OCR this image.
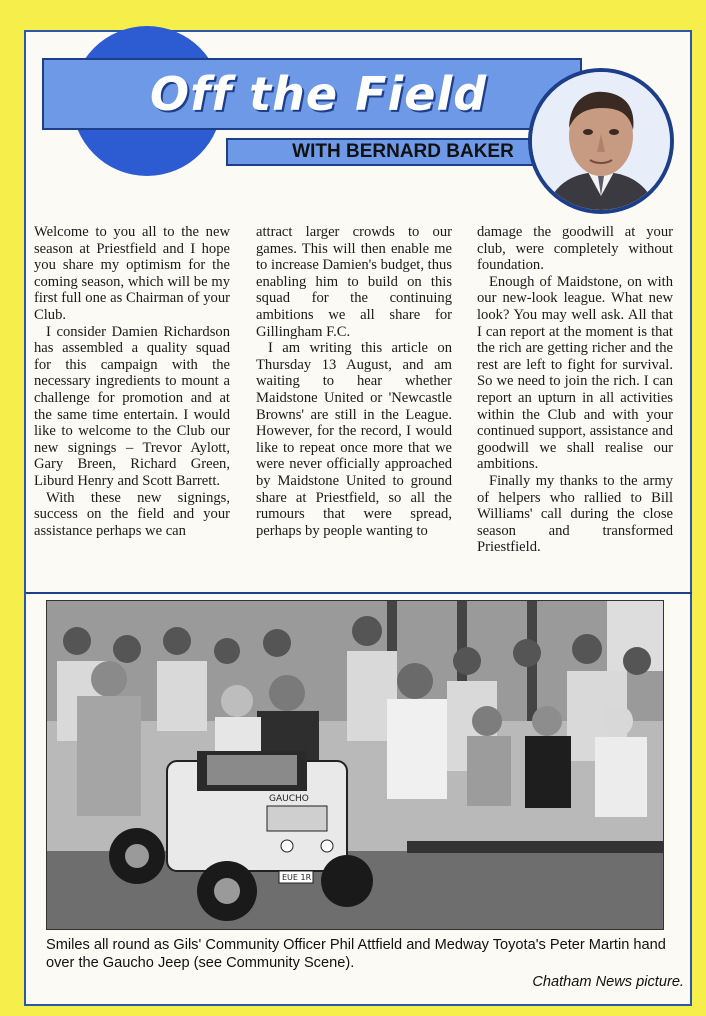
Off the Field
WITH BERNARD BAKER

Welcome to you all to the new season at Priestfield and I hope you share my optimism for the coming season, which will be my first full one as Chairman of your Club.

I consider Damien Richardson has assembled a quality squad for this campaign with the necessary ingredients to mount a challenge for promotion and at the same time entertain. I would like to welcome to the Club our new signings – Trevor Aylott, Gary Breen, Richard Green, Liburd Henry and Scott Barrett.

With these new signings, success on the field and your assistance perhaps we can

attract larger crowds to our games. This will then enable me to increase Damien's budget, thus enabling him to build on this squad for the continuing ambitions we all share for Gillingham F.C.

I am writing this article on Thursday 13 August, and am waiting to hear whether Maidstone United or 'Newcastle Browns' are still in the League. However, for the record, I would like to repeat once more that we were never officially approached by Maidstone United to ground share at Priestfield, so all the rumours that were spread, perhaps by people wanting to

damage the goodwill at your club, were completely without foundation.

Enough of Maidstone, on with our new-look league. What new look? You may well ask. All that I can report at the moment is that the rich are getting richer and the rest are left to fight for survival. So we need to join the rich. I can report an upturn in all activities within the Club and with your continued support, assistance and goodwill we shall realise our ambitions.

Finally my thanks to the army of helpers who rallied to Bill Williams' call during the close season and transformed Priestfield.

GAUCHO
EUE 1R
Smiles all round as Gils' Community Officer Phil Attfield and Medway Toyota's Peter Martin hand over the Gaucho Jeep (see Community Scene).
Chatham News picture.
